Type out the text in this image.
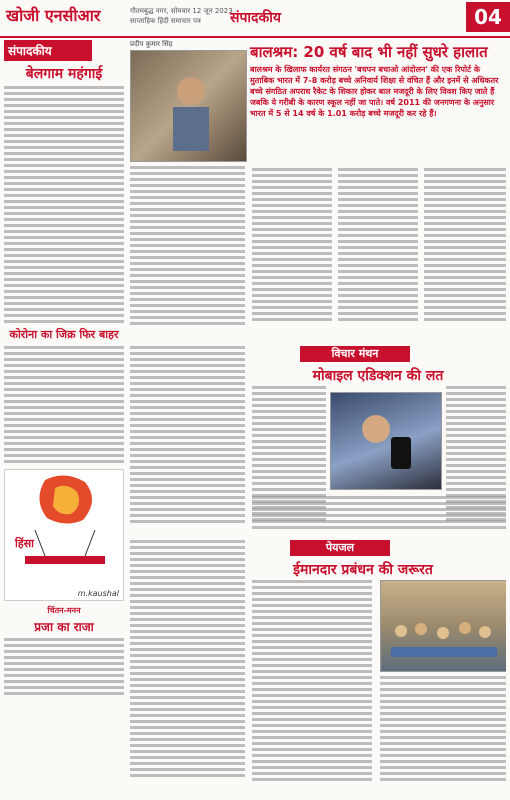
खोजी एनसीआर	गौतमबुद्ध नगर, सोमवार 12 जून 2023
साप्ताहिक हिंदी समाचार पत्र	संपादकीय	04
संपादकीय
बेलगाम महंगाई
कोरोना का जिक्र फिर बाहर
हिंसा
m.kaushal
चिंतन-मनन
प्रजा का राजा
प्रदीप कुमार सिंह	बालश्रम: 20 वर्ष बाद भी नहीं सुधरे हालात
बालश्रम के खिलाफ कार्यरत संगठन 'बचपन बचाओ आंदोलन' की एक रिपोर्ट के मुताबिक भारत में 7-8 करोड़ बच्चे अनिवार्य शिक्षा से वंचित हैं और इनमें से अधिकतर बच्चे संगठित अपराध रैकेट के शिकार होकर बाल मजदूरी के लिए विवश किए जाते हैं जबकि ये गरीबी के कारण स्कूल नहीं जा पाते। वर्ष 2011 की जनगणना के अनुसार भारत में 5 से 14 वर्ष के 1.01 करोड़ बच्चे मजदूरी कर रहे हैं।
विचार मंथन
मोबाइल एडिक्शन की लत
पेयजल
ईमानदार प्रबंधन की जरूरत
